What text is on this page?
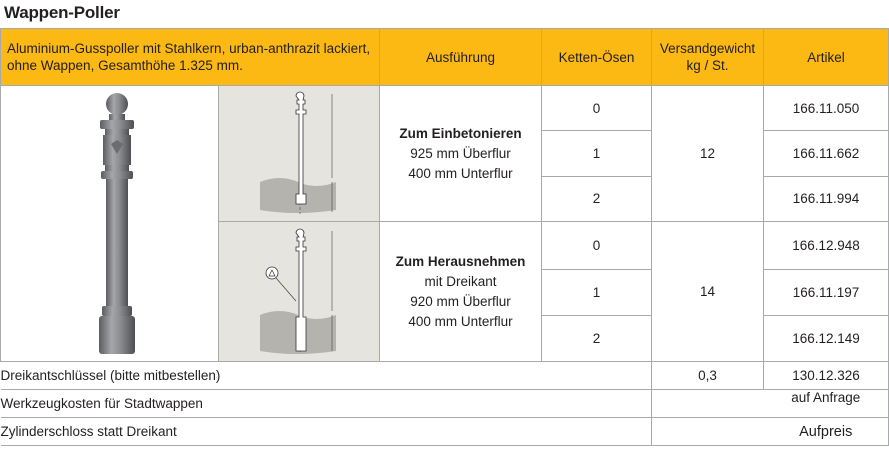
Wappen-Poller
Aluminium-Gusspoller mit Stahlkern, urban-anthrazit lackiert, ohne Wappen, Gesamthöhe 1.325 mm.		Ausführung	Ketten-Ösen	Versandgewicht kg / St.	Artikel

Zum Einbetonieren
925 mm Überflur
400 mm Unterflur	0	12	166.11.050
			1		166.11.662
			2		166.11.994

Zum Herausnehmen
mit Dreikant
920 mm Überflur
400 mm Unterflur	0	14	166.12.948
			1		166.11.197
			2		166.12.149
Dreikantschlüssel (bitte mitbestellen)				0,3	130.12.326
Werkzeugkosten für Stadtwappen					auf Anfrage
Zylinderschloss statt Dreikant					Aufpreis
